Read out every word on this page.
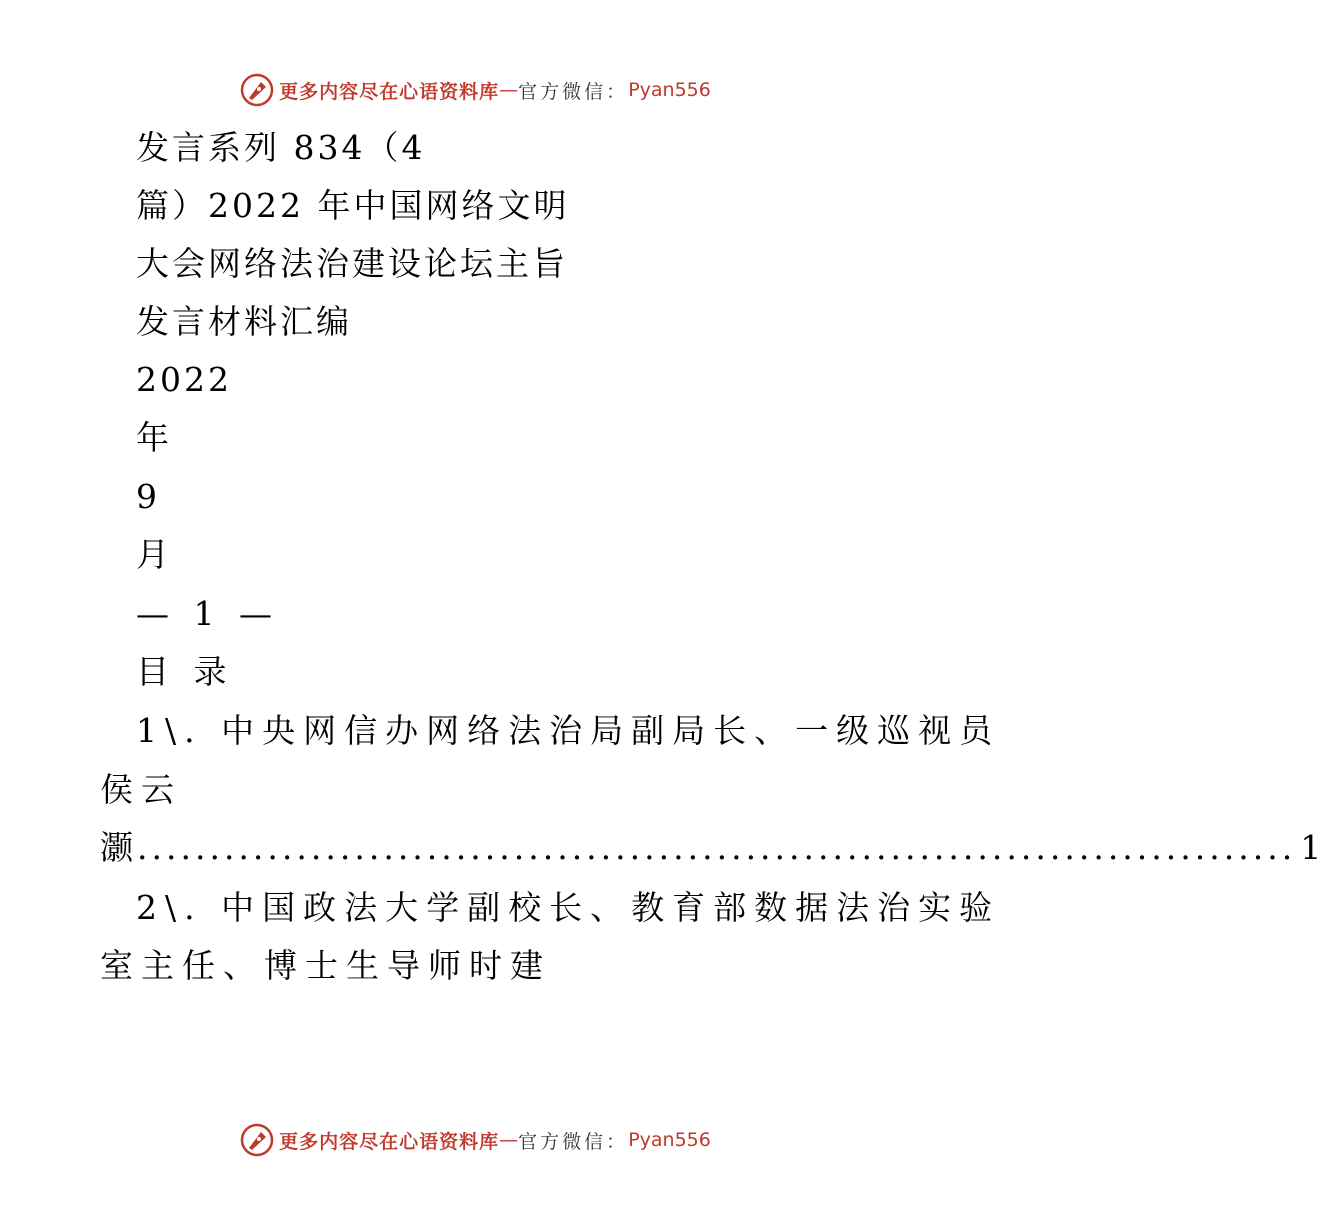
更多内容尽在心语资料库 — 官方微信： Pyan556
发言系列 834（4
篇）2022 年中国网络文明
大会网络法治建设论坛主旨
发言材料汇编
2022
年
9
月
— 1 —
目 录
1\. 中央网信办网络法治局副局长、一级巡视员
侯云
灏 ................................................................................ 1
2\. 中国政法大学副校长、教育部数据法治实验
室主任、博士生导师时建
更多内容尽在心语资料库 — 官方微信： Pyan556
